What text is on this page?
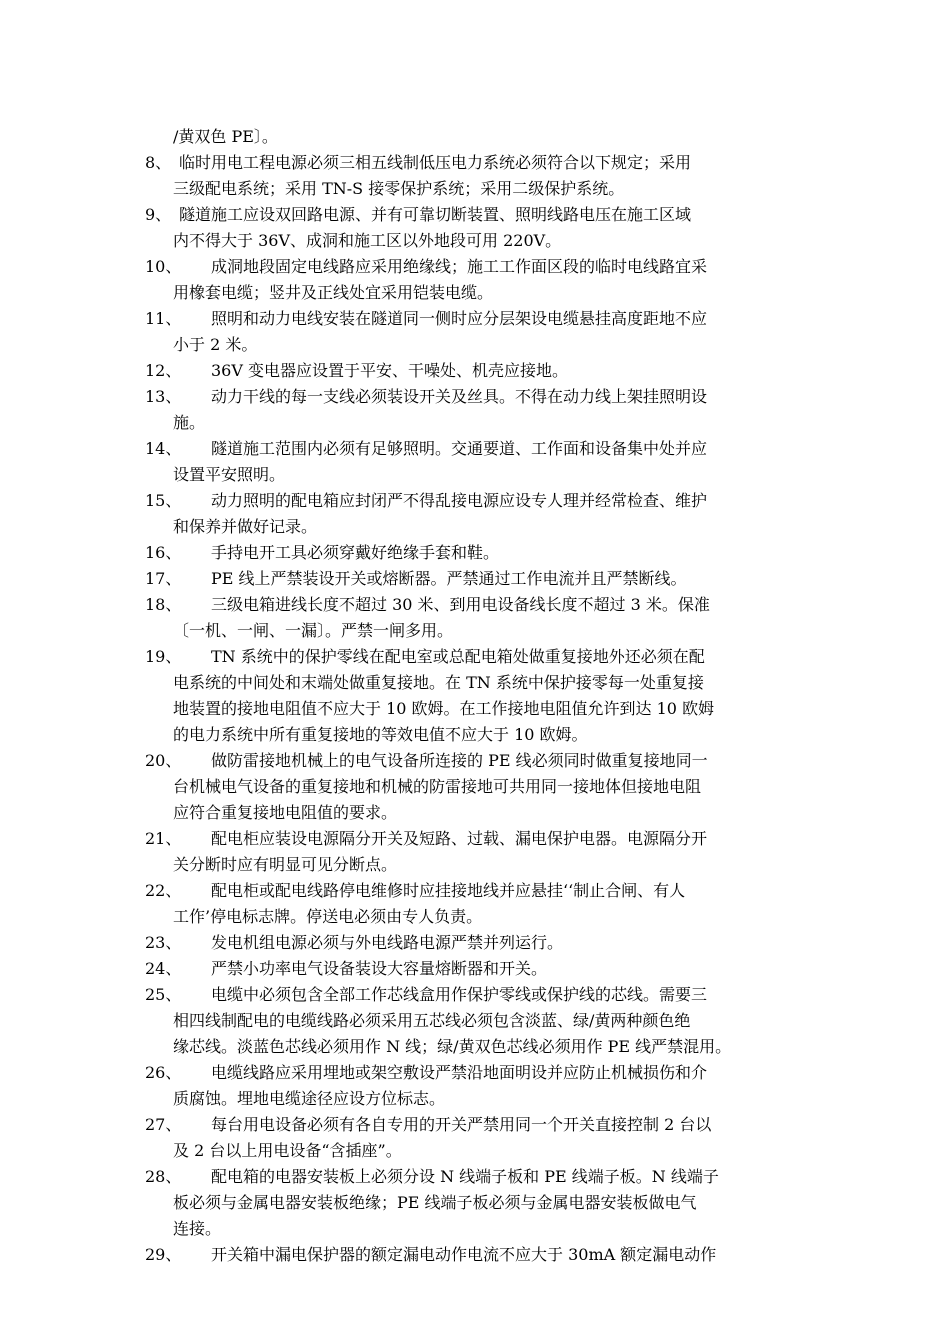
/黄双色 PE〕。
8、 临时用电工程电源必须三相五线制低压电力系统必须符合以下规定；采用
三级配电系统；采用 TN-S 接零保护系统；采用二级保护系统。
9、 隧道施工应设双回路电源、并有可靠切断装置、照明线路电压在施工区域
内不得大于 36V、成洞和施工区以外地段可用 220V。
10、	成洞地段固定电线路应采用绝缘线；施工工作面区段的临时电线路宜采
用橡套电缆；竖井及正线处宜采用铠装电缆。
11、	照明和动力电线安装在隧道同一侧时应分层架设电缆悬挂高度距地不应
小于 2 米。
12、	36V 变电器应设置于平安、干噪处、机壳应接地。
13、	动力干线的每一支线必须装设开关及丝具。不得在动力线上架挂照明设
施。
14、	隧道施工范围内必须有足够照明。交通要道、工作面和设备集中处并应
设置平安照明。
15、	动力照明的配电箱应封闭严不得乱接电源应设专人理并经常检查、维护
和保养并做好记录。
16、	手持电开工具必须穿戴好绝缘手套和鞋。
17、	PE 线上严禁装设开关或熔断器。严禁通过工作电流并且严禁断线。
18、	三级电箱进线长度不超过 30 米、到用电设备线长度不超过 3 米。保准
〔一机、一闸、一漏〕。严禁一闸多用。
19、	TN 系统中的保护零线在配电室或总配电箱处做重复接地外还必须在配
电系统的中间处和末端处做重复接地。在 TN 系统中保护接零每一处重复接
地装置的接地电阻值不应大于 10 欧姆。在工作接地电阻值允许到达 10 欧姆
的电力系统中所有重复接地的等效电值不应大于 10 欧姆。
20、	做防雷接地机械上的电气设备所连接的 PE 线必须同时做重复接地同一
台机械电气设备的重复接地和机械的防雷接地可共用同一接地体但接地电阻
应符合重复接地电阻值的要求。
21、	配电柜应装设电源隔分开关及短路、过载、漏电保护电器。电源隔分开
关分断时应有明显可见分断点。
22、	配电柜或配电线路停电维修时应挂接地线并应悬挂‘‘制止合闸、有人
工作’停电标志牌。停送电必须由专人负责。
23、	发电机组电源必须与外电线路电源严禁并列运行。
24、	严禁小功率电气设备装设大容量熔断器和开关。
25、	电缆中必须包含全部工作芯线盒用作保护零线或保护线的芯线。需要三
相四线制配电的电缆线路必须采用五芯线必须包含淡蓝、绿/黄两种颜色绝
缘芯线。淡蓝色芯线必须用作 N 线；绿/黄双色芯线必须用作 PE 线严禁混用。
26、	电缆线路应采用埋地或架空敷设严禁沿地面明设并应防止机械损伤和介
质腐蚀。埋地电缆途径应设方位标志。
27、	每台用电设备必须有各自专用的开关严禁用同一个开关直接控制 2 台以
及 2 台以上用电设备“含插座”。
28、	配电箱的电器安装板上必须分设 N 线端子板和 PE 线端子板。N 线端子
板必须与金属电器安装板绝缘；PE 线端子板必须与金属电器安装板做电气
连接。
29、	开关箱中漏电保护器的额定漏电动作电流不应大于 30mA 额定漏电动作
